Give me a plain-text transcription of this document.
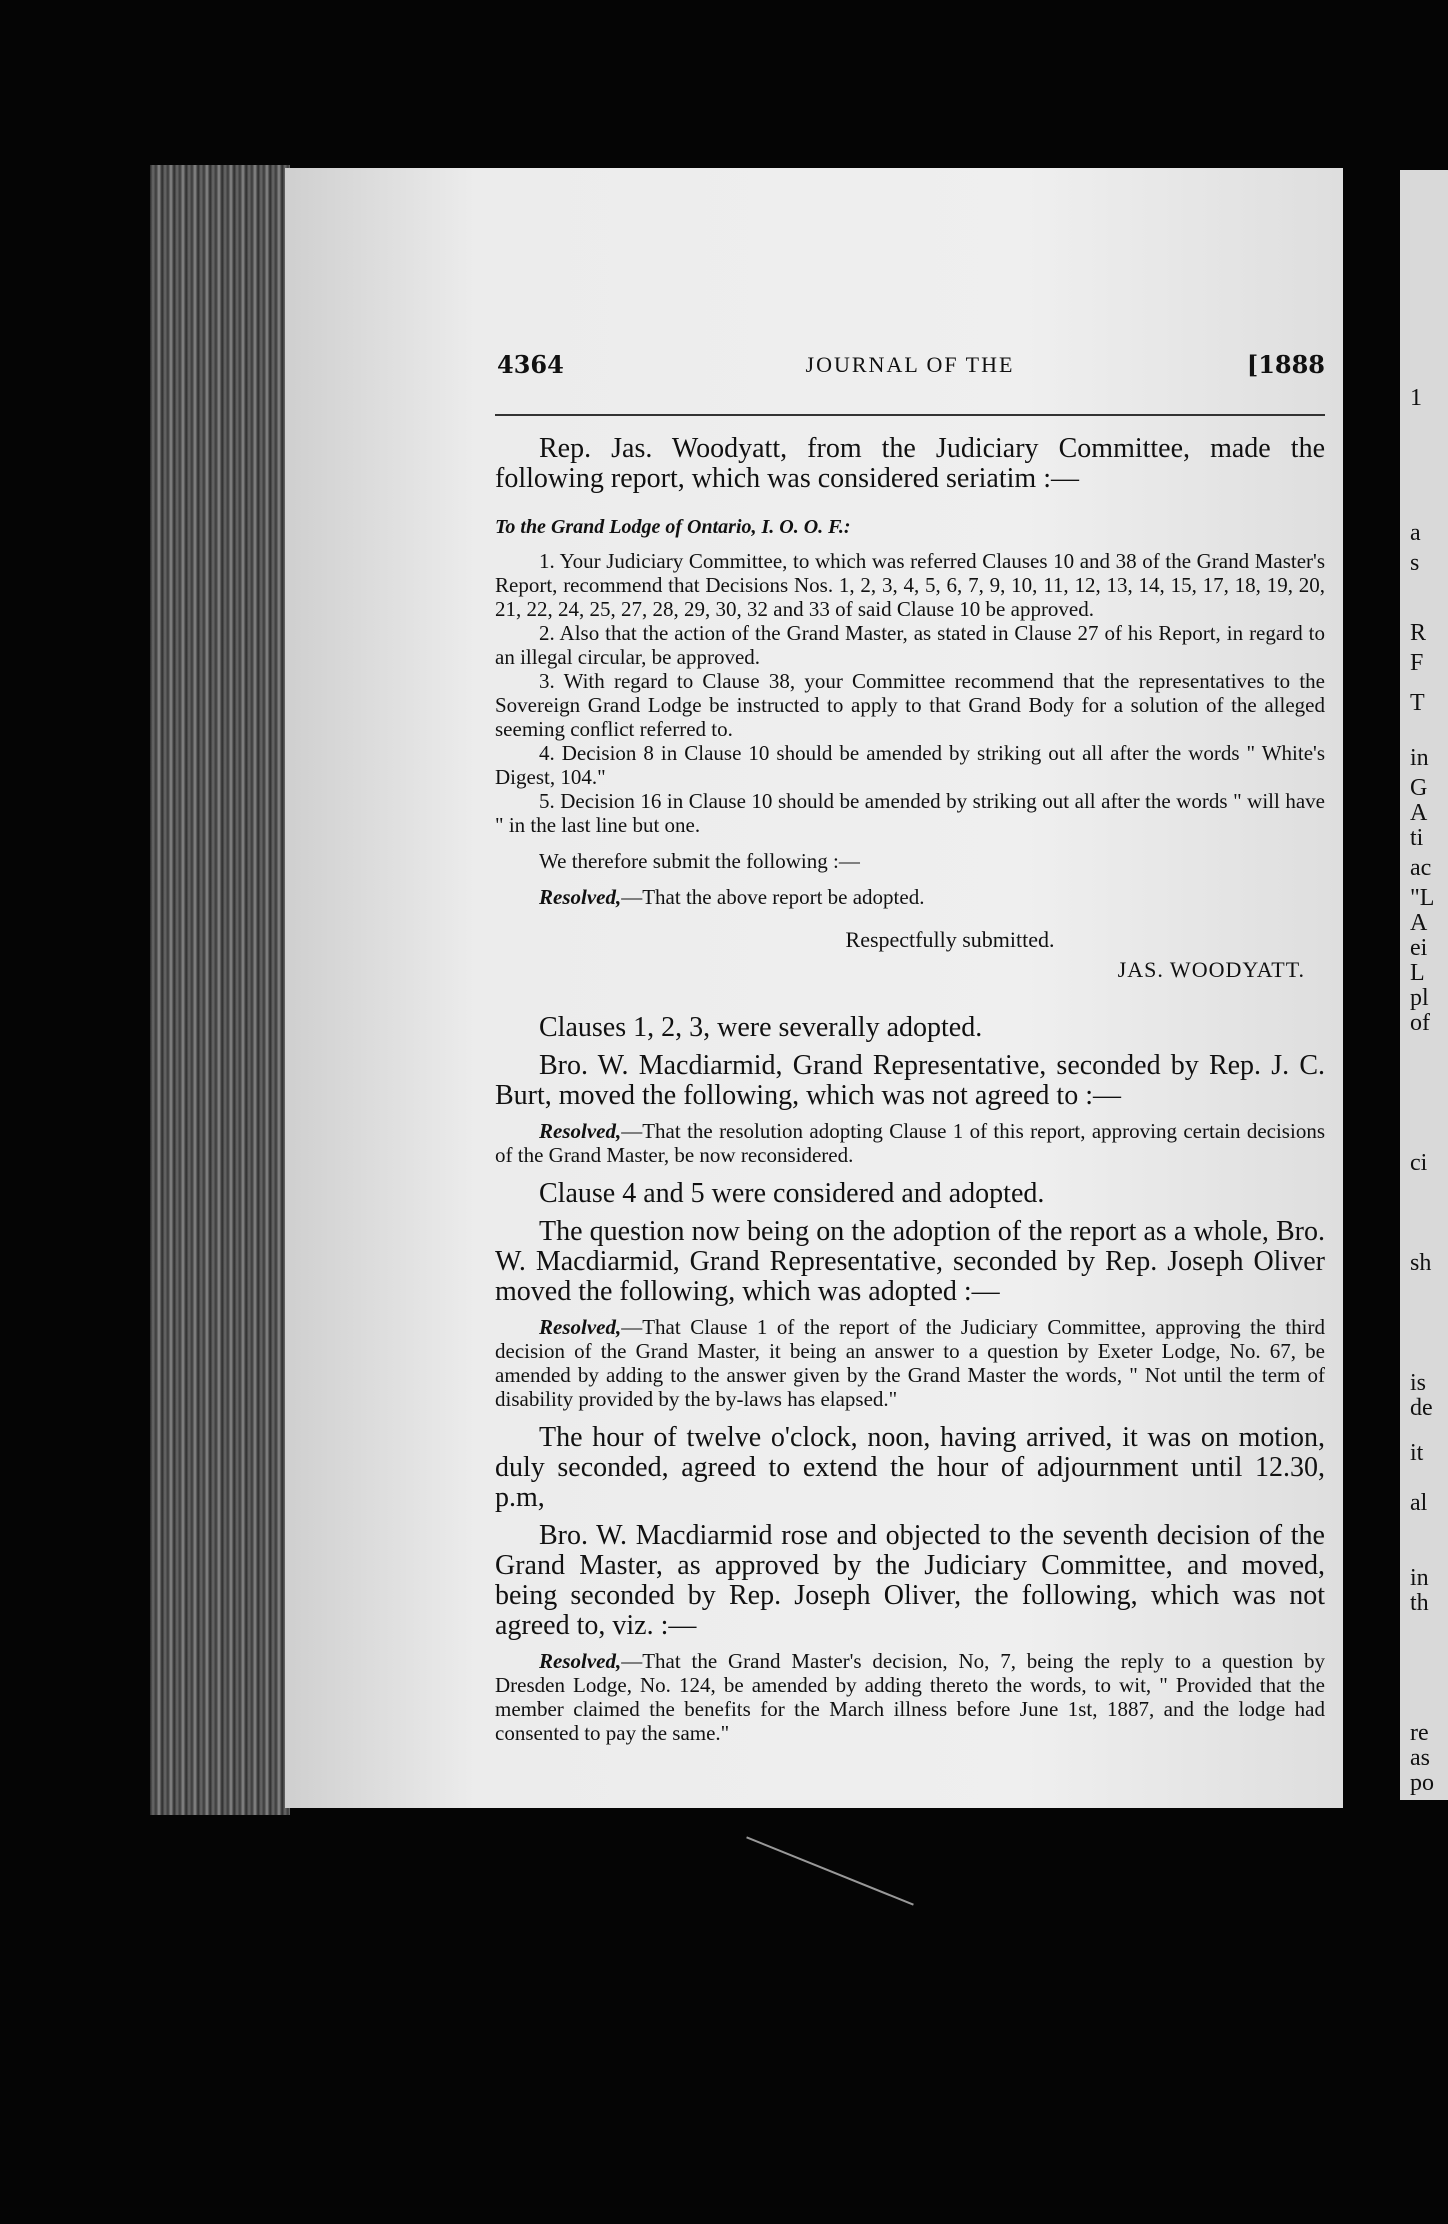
4364	JOURNAL OF THE	[1888

Rep. Jas. Woodyatt, from the Judiciary Committee, made the following report, which was considered seriatim :—

To the Grand Lodge of Ontario, I. O. O. F.:

1. Your Judiciary Committee, to which was referred Clauses 10 and 38 of the Grand Master's Report, recommend that Decisions Nos. 1, 2, 3, 4, 5, 6, 7, 9, 10, 11, 12, 13, 14, 15, 17, 18, 19, 20, 21, 22, 24, 25, 27, 28, 29, 30, 32 and 33 of said Clause 10 be approved.

2. Also that the action of the Grand Master, as stated in Clause 27 of his Report, in regard to an illegal circular, be approved.

3. With regard to Clause 38, your Committee recommend that the representatives to the Sovereign Grand Lodge be instructed to apply to that Grand Body for a solution of the alleged seeming conflict referred to.

4. Decision 8 in Clause 10 should be amended by striking out all after the words " White's Digest, 104."

5. Decision 16 in Clause 10 should be amended by striking out all after the words " will have " in the last line but one.

We therefore submit the following :—

Resolved,—That the above report be adopted.

Respectfully submitted.

JAS. WOODYATT.

Clauses 1, 2, 3, were severally adopted.

Bro. W. Macdiarmid, Grand Representative, seconded by Rep. J. C. Burt, moved the following, which was not agreed to :—

Resolved,—That the resolution adopting Clause 1 of this report, approving certain decisions of the Grand Master, be now reconsidered.

Clause 4 and 5 were considered and adopted.

The question now being on the adoption of the report as a whole, Bro. W. Macdiarmid, Grand Representative, seconded by Rep. Joseph Oliver moved the following, which was adopted :—

Resolved,—That Clause 1 of the report of the Judiciary Committee, approving the third decision of the Grand Master, it being an answer to a question by Exeter Lodge, No. 67, be amended by adding to the answer given by the Grand Master the words, " Not until the term of disability provided by the by-laws has elapsed."

The hour of twelve o'clock, noon, having arrived, it was on motion, duly seconded, agreed to extend the hour of adjournment until 12.30, p.m,

Bro. W. Macdiarmid rose and objected to the seventh decision of the Grand Master, as approved by the Judiciary Committee, and moved, being seconded by Rep. Joseph Oliver, the following, which was not agreed to, viz. :—

Resolved,—That the Grand Master's decision, No, 7, being the reply to a question by Dresden Lodge, No. 124, be amended by adding thereto the words, to wit, " Provided that the member claimed the benefits for the March illness before June 1st, 1887, and the lodge had consented to pay the same."

1
a
s
R
F
T
in
G
A
ti
ac
"L
A
ei
L
pl
of
ci
sh
is
de
it
al
in
th
re
as
po
